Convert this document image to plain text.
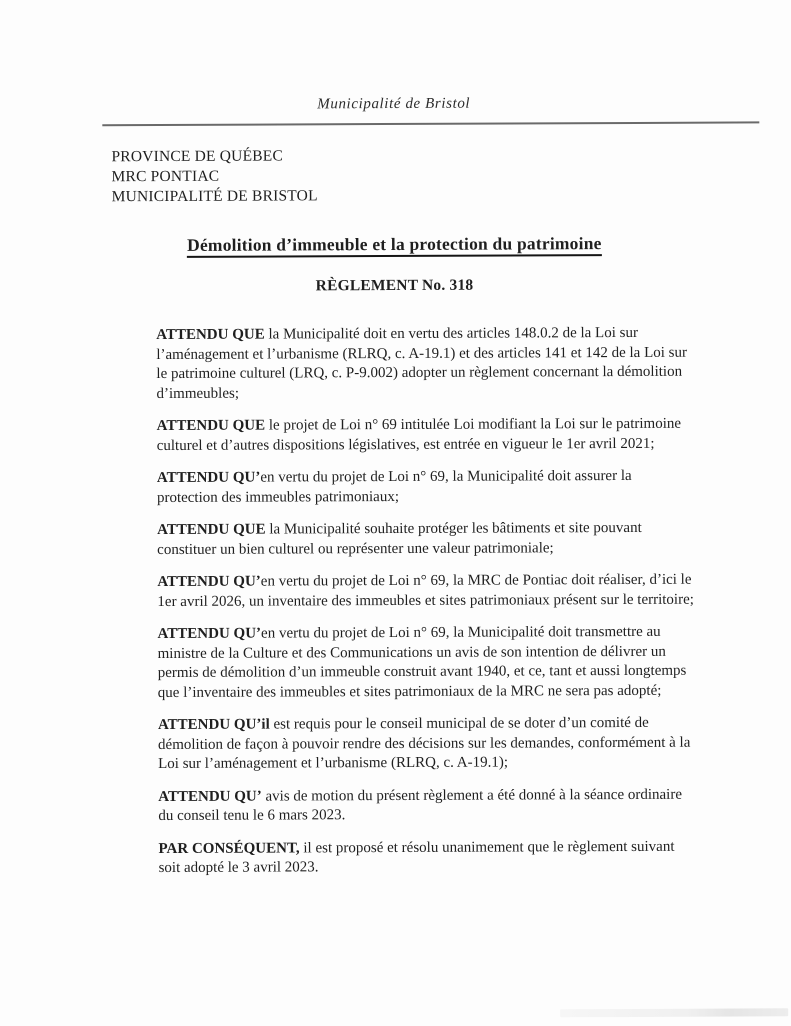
Municipalité de Bristol
PROVINCE DE QUÉBEC
MRC PONTIAC
MUNICIPALITÉ DE BRISTOL
Démolition d’immeuble et la protection du patrimoine
RÈGLEMENT No. 318

ATTENDU QUE la Municipalité doit en vertu des articles 148.0.2 de la Loi sur l’aménagement et l’urbanisme (RLRQ, c. A-19.1) et des articles 141 et 142 de la Loi sur le patrimoine culturel (LRQ, c. P-9.002) adopter un règlement concernant la démolition d’immeubles;

ATTENDU QUE le projet de Loi n° 69 intitulée Loi modifiant la Loi sur le patrimoine culturel et d’autres dispositions législatives, est entrée en vigueur le 1er avril 2021;

ATTENDU QU’en vertu du projet de Loi n° 69, la Municipalité doit assurer la protection des immeubles patrimoniaux;

ATTENDU QUE la Municipalité souhaite protéger les bâtiments et site pouvant constituer un bien culturel ou représenter une valeur patrimoniale;

ATTENDU QU’en vertu du projet de Loi n° 69, la MRC de Pontiac doit réaliser, d’ici le 1er avril 2026, un inventaire des immeubles et sites patrimoniaux présent sur le territoire;

ATTENDU QU’en vertu du projet de Loi n° 69, la Municipalité doit transmettre au ministre de la Culture et des Communications un avis de son intention de délivrer un permis de démolition d’un immeuble construit avant 1940, et ce, tant et aussi longtemps que l’inventaire des immeubles et sites patrimoniaux de la MRC ne sera pas adopté;

ATTENDU QU’il est requis pour le conseil municipal de se doter d’un comité de démolition de façon à pouvoir rendre des décisions sur les demandes, conformément à la Loi sur l’aménagement et l’urbanisme (RLRQ, c. A-19.1);

ATTENDU QU’ avis de motion du présent règlement a été donné à la séance ordinaire du conseil tenu le 6 mars 2023.

PAR CONSÉQUENT, il est proposé et résolu unanimement que le règlement suivant soit adopté le 3 avril 2023.
